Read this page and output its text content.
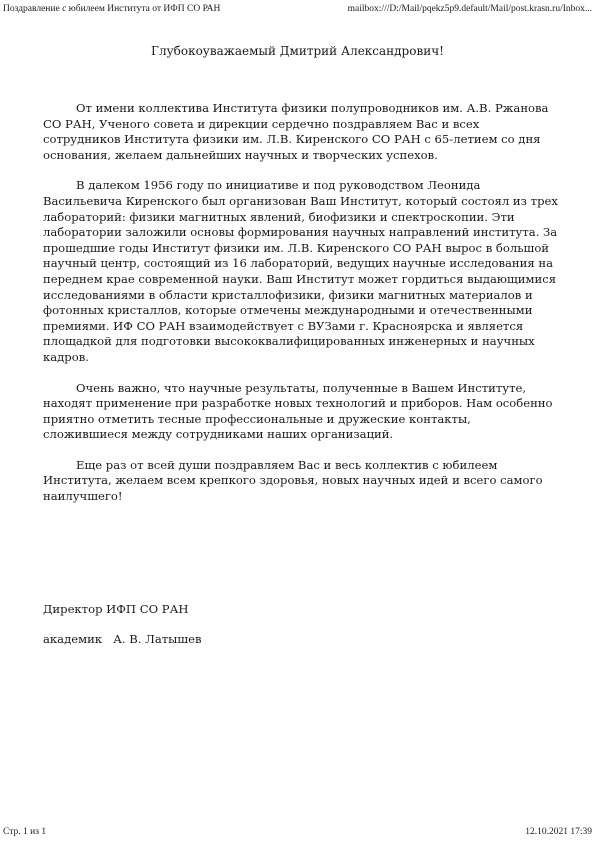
Поздравление с юбилеем Института от ИФП СО РАН	mailbox:///D:/Mail/pqekz5p9.default/Mail/post.krasn.ru/Inbox...
Глубокоуважаемый Дмитрий Александрович!

От имени коллектива Института физики полупроводников им. А.В. Ржанова СО РАН, Ученого совета и дирекции сердечно поздравляем Вас и всех сотрудников Института физики им. Л.В. Киренского СО РАН с 65-летием со дня основания, желаем дальнейших научных и творческих успехов.

В далеком 1956 году по инициативе и под руководством Леонида Васильевича Киренского был организован Ваш Институт, который состоял из трех лабораторий: физики магнитных явлений, биофизики и спектроскопии. Эти лаборатории заложили основы формирования научных направлений института. За прошедшие годы Институт физики им. Л.В. Киренского СО РАН вырос в большой научный центр, состоящий из 16 лабораторий, ведущих научные исследования на переднем крае современной науки. Ваш Институт может гордиться выдающимися исследованиями в области кристаллофизики, физики магнитных материалов и фотонных кристаллов, которые отмечены международными и отечественными премиями. ИФ СО РАН взаимодействует с ВУЗами г. Красноярска и является площадкой для подготовки высококвалифицированных инженерных и научных кадров.

Очень важно, что научные результаты, полученные в Вашем Институте, находят применение при разработке новых технологий и приборов. Нам особенно приятно отметить тесные профессиональные и дружеские контакты, сложившиеся между сотрудниками наших организаций.

Еще раз от всей души поздравляем Вас и весь коллектив с юбилеем Института, желаем всем крепкого здоровья, новых научных идей и всего самого наилучшего!

Директор ИФП СО РАН
академик   А. В. Латышев
Стр. 1 из 1	12.10.2021 17:39
